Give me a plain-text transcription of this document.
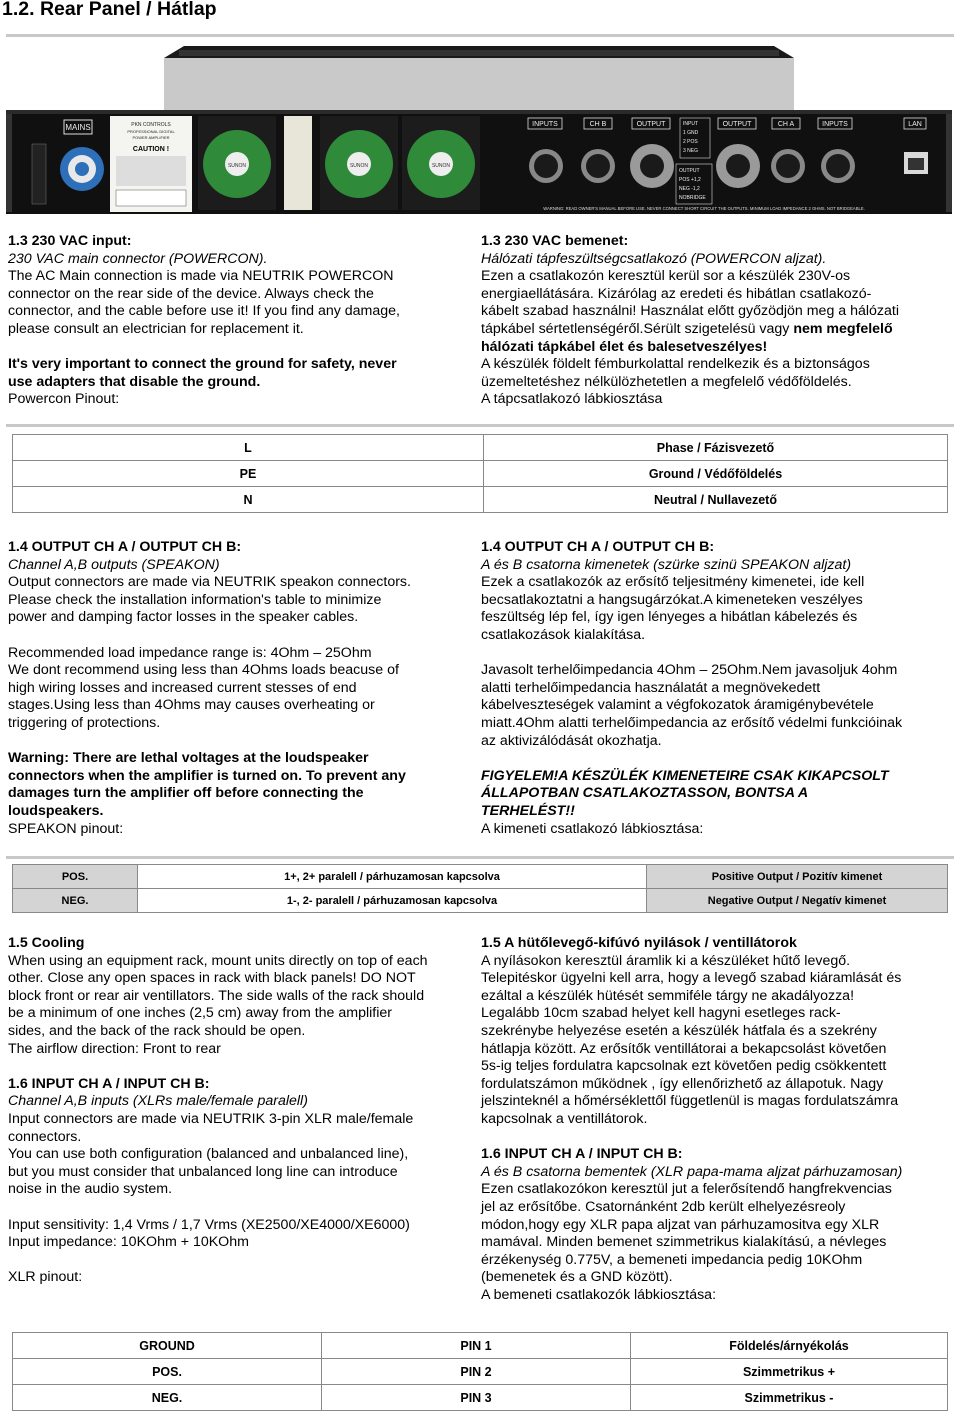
1.2. Rear Panel / Hátlap
MAINS	PKN CONTROLS
PROFESSIONAL DIGITAL
POWER AMPLIFIER
CAUTION !
SUNON	SUNON	SUNON
INPUTS	CH B	OUTPUT	OUTPUT	CH A	INPUTS	LAN
INPUT
1 GND
2 POS
3 NEG
OUTPUT
POS +1,2
NEG -1,2
NOBRIDGE
WARNING: READ OWNER'S MANUAL BEFORE USE. NEVER CONNECT SHORT CIRCUIT THE OUTPUTS. MINIMUM LOAD IMPEDANCE 2 OHMS. NOT BRIDGEABLE.

1.3 230 VAC input:

230 VAC main connector (POWERCON).

The AC Main connection is made via NEUTRIK POWERCON

connector on the rear side of the device. Always check the

connector, and the cable before use it! If you find any damage,

please consult an electrician for replacement it.

It's very important to connect the ground for safety, never

use adapters that disable the ground.

Powercon Pinout:

1.3 230 VAC bemenet:

Hálózati tápfeszültségcsatlakozó (POWERCON aljzat).

Ezen a csatlakozón keresztül kerül sor a készülék 230V-os

energiaellátására. Kizárólag az eredeti és hibátlan csatlakozó-

kábelt szabad használni! Használat előtt győzödjön meg a hálózati

tápkábel sértetlenségéről.Sérült szigetelésü vagy nem megfelelő

hálózati tápkábel élet és balesetveszélyes!

A készülék földelt fémburkolattal rendelkezik és a biztonságos

üzemeltetéshez nélkülözhetetlen a megfelelő védőföldelés.

A tápcsatlakozó lábkiosztása

L	Phase / Fázisvezető
PE	Ground / Védőföldelés
N	Neutral / Nullavezető

1.4 OUTPUT CH A / OUTPUT CH B:

Channel A,B outputs (SPEAKON)

Output connectors are made via NEUTRIK speakon connectors.

Please check the installation information's table to minimize

power and damping factor losses in the speaker cables.

Recommended load impedance range is: 4Ohm – 25Ohm

We dont recommend using less than 4Ohms loads beacuse of

high wiring losses and increased current stesses of end

stages.Using less than 4Ohms may causes overheating or

triggering of protections.

Warning: There are lethal voltages at the loudspeaker

connectors when the amplifier is turned on. To prevent any

damages turn the amplifier off before connecting the

loudspeakers.

SPEAKON pinout:

1.4 OUTPUT CH A / OUTPUT CH B:

A és B csatorna kimenetek (szürke szinü SPEAKON aljzat)

Ezek a csatlakozók az erősítő teljesitmény kimenetei, ide kell

becsatlakoztatni a hangsugárzókat.A kimeneteken veszélyes

feszültség lép fel, így igen lényeges a hibátlan kábelezés és

csatlakozások kialakítása.

Javasolt terhelőimpedancia 4Ohm – 25Ohm.Nem javasoljuk 4ohm

alatti terhelőimpedancia használatát a megnövekedett

kábelveszteségek valamint a végfokozatok áramigénybevétele

miatt.4Ohm alatti terhelőimpedancia az erősítő védelmi funkcióinak

az aktivizálódását okozhatja.

FIGYELEM!A KÉSZÜLÉK KIMENETEIRE CSAK KIKAPCSOLT

ÁLLAPOTBAN CSATLAKOZTASSON, BONTSA A

TERHELÉST!!

A kimeneti csatlakozó lábkiosztása:

POS.	1+, 2+ paralell / párhuzamosan kapcsolva	Positive Output / Pozitív kimenet
NEG.	1-, 2- paralell / párhuzamosan kapcsolva	Negative Output / Negatív kimenet

1.5 Cooling

When using an equipment rack, mount units directly on top of each

other. Close any open spaces in rack with black panels! DO NOT

block front or rear air ventillators. The side walls of the rack should

be a minimum of one inches (2,5 cm) away from the amplifier

sides, and the back of the rack should be open.

The airflow direction: Front to rear

1.6 INPUT CH A / INPUT CH B:

Channel A,B inputs (XLRs male/female paralell)

Input connectors are made via NEUTRIK 3-pin XLR male/female

connectors.

You can use both configuration (balanced and unbalanced line),

but you must consider that unbalanced long line can introduce

noise in the audio system.

Input sensitivity: 1,4 Vrms / 1,7 Vrms (XE2500/XE4000/XE6000)

Input impedance: 10KOhm + 10KOhm

XLR pinout:

1.5 A hütőlevegő-kifúvó nyilások / ventillátorok

A nyílásokon keresztül áramlik ki a készüléket hűtő levegő.

Telepitéskor ügyelni kell arra, hogy a levegő szabad kiáramlását és

ezáltal a készülék hütését semmiféle tárgy ne akadályozza!

Legalább 10cm szabad helyet kell hagyni esetleges rack-

szekrénybe helyezése esetén a készülék hátfala és a szekrény

hátlapja között. Az erősítők ventillátorai a bekapcsolást követően

5s-ig teljes fordulatra kapcsolnak ezt követően pedig csökkentett

fordulatszámon működnek , így ellenőrizhető az állapotuk. Nagy

jelszinteknél a hőmérséklettől függetlenül is magas fordulatszámra

kapcsolnak a ventillátorok.

1.6 INPUT CH A / INPUT CH B:

A és B csatorna bementek (XLR papa-mama aljzat párhuzamosan)

Ezen csatlakozókon keresztül jut a felerősítendő hangfrekvencias

jel az erősítőbe. Csatornánként 2db került elhelyezésreoly

módon,hogy egy XLR papa aljzat van párhuzamositva egy XLR

mamával. Minden bemenet szimmetrikus kialakítású, a névleges

érzékenység 0.775V, a bemeneti impedancia pedig 10KOhm

(bemenetek és a GND között).

A bemeneti csatlakozók lábkiosztása:

GROUND	PIN 1	Földelés/árnyékolás
POS.	PIN 2	Szimmetrikus +
NEG.	PIN 3	Szimmetrikus -
